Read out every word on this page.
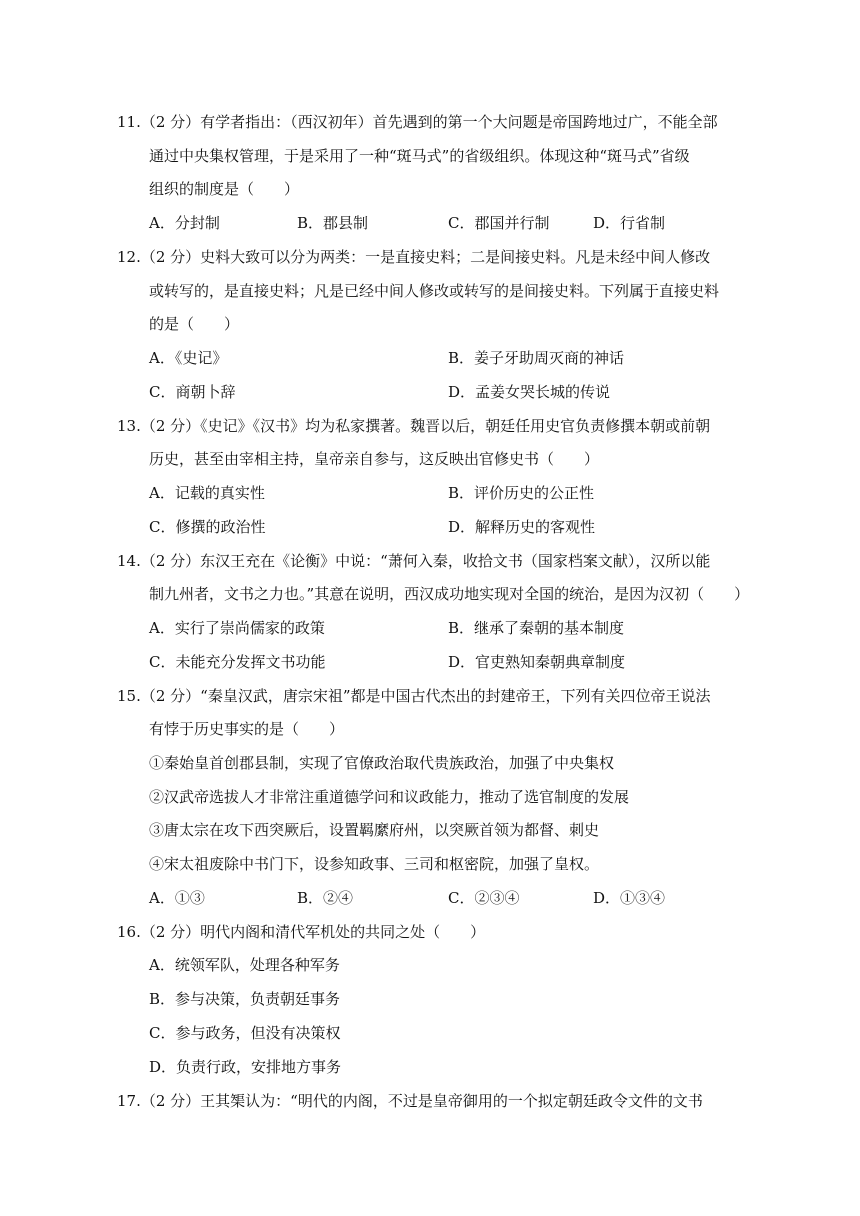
11.（2 分）有学者指出：（西汉初年）首先遇到的第一个大问题是帝国跨地过广，不能全部
通过中央集权管理，于是采用了一种“斑马式”的省级组织。体现这种“斑马式”省级
组织的制度是（　　）
A．分封制	B．郡县制	C．郡国并行制	D．行省制
12.（2 分）史料大致可以分为两类：一是直接史料；二是间接史料。凡是未经中间人修改
或转写的，是直接史料；凡是已经中间人修改或转写的是间接史料。下列属于直接史料
的是（　　）
A．《史记》	B．姜子牙助周灭商的神话
C．商朝卜辞	D．孟姜女哭长城的传说
13.（2 分）《史记》《汉书》均为私家撰著。魏晋以后，朝廷任用史官负责修撰本朝或前朝
历史，甚至由宰相主持，皇帝亲自参与，这反映出官修史书（　　）
A．记载的真实性	B．评价历史的公正性
C．修撰的政治性	D．解释历史的客观性
14.（2 分）东汉王充在《论衡》中说：“萧何入秦，收拾文书（国家档案文献），汉所以能
制九州者，文书之力也。”其意在说明，西汉成功地实现对全国的统治，是因为汉初（　　）
A．实行了崇尚儒家的政策	B．继承了秦朝的基本制度
C．未能充分发挥文书功能	D．官吏熟知秦朝典章制度
15.（2 分）“秦皇汉武，唐宗宋祖”都是中国古代杰出的封建帝王，下列有关四位帝王说法
有悖于历史事实的是（　　）
①秦始皇首创郡县制，实现了官僚政治取代贵族政治，加强了中央集权
②汉武帝选拔人才非常注重道德学问和议政能力，推动了选官制度的发展
③唐太宗在攻下西突厥后，设置羁縻府州，以突厥首领为都督、刺史
④宋太祖废除中书门下，设参知政事、三司和枢密院，加强了皇权。
A．①③	B．②④	C．②③④	D．①③④
16.（2 分）明代内阁和清代军机处的共同之处（　　）
A．统领军队，处理各种军务
B．参与决策，负责朝廷事务
C．参与政务，但没有决策权
D．负责行政，安排地方事务
17.（2 分）王其榘认为：“明代的内阁，不过是皇帝御用的一个拟定朝廷政令文件的文书
